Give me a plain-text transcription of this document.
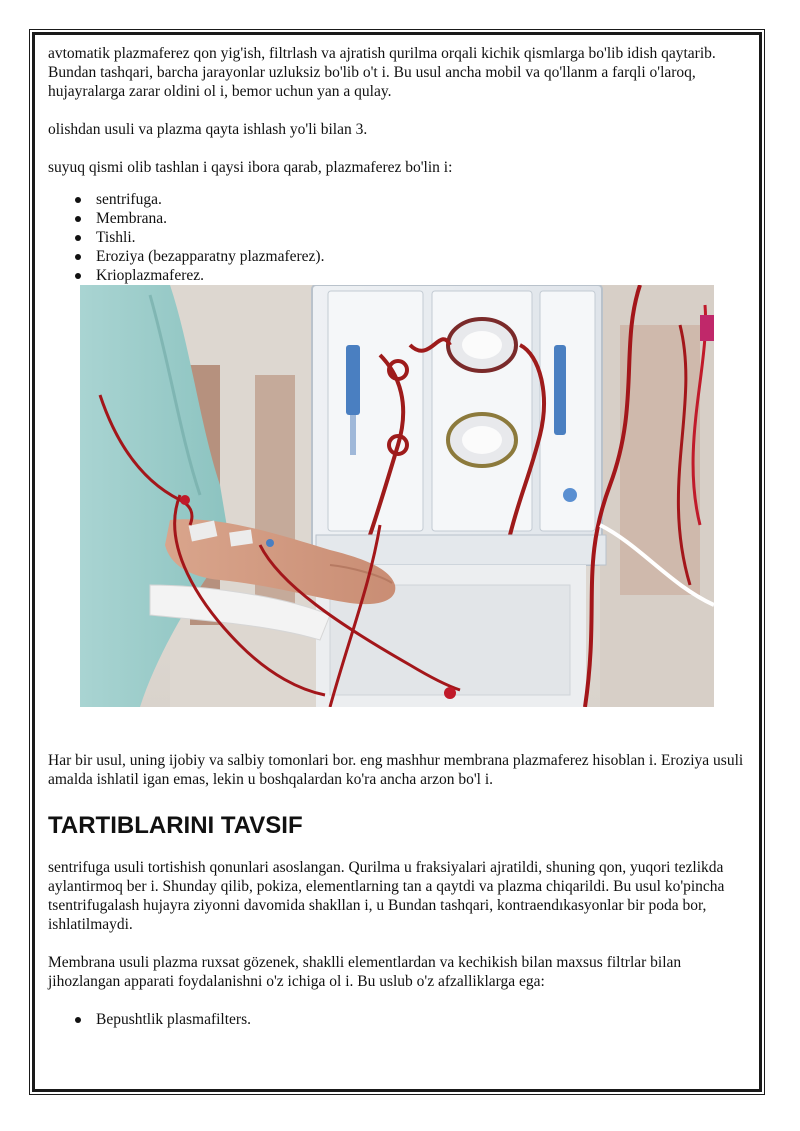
avtomatik plazmaferez qon yig'ish, filtrlash va ajratish qurilma orqali kichik qismlarga bo'lib idish qaytarib. Bundan tashqari, barcha jarayonlar uzluksiz bo'lib o't i. Bu usul ancha mobil va qo'llanm a farqli o'laroq, hujayralarga zarar oldini ol i, bemor uchun yan a qulay.

olishdan usuli va plazma qayta ishlash yo'li bilan 3.

suyuq qismi olib tashlan i qaysi ibora qarab, plazmaferez bo'lin i:

sentrifuga.
Membrana.
Tishli.
Eroziya (bezapparatny plazmaferez).
Krioplazmaferez.

Har bir usul, uning ijobiy va salbiy tomonlari bor. eng mashhur membrana plazmaferez hisoblan i. Eroziya usuli amalda ishlatil igan emas, lekin u boshqalardan ko'ra ancha arzon bo'l i.

TARTIBLARINI TAVSIF

sentrifuga usuli tortishish qonunlari asoslangan. Qurilma u fraksiyalari ajratildi, shuning qon, yuqori tezlikda aylantirmoq ber i. Shunday qilib, pokiza, elementlarning tan a qaytdi va plazma chiqarildi. Bu usul ko'pincha tsentrifugalash hujayra ziyonni davomida shakllan i, u Bundan tashqari, kontraendıkasyonlar bir poda bor, ishlatilmaydi.

Membrana usuli plazma ruxsat gözenek, shaklli elementlardan va kechikish bilan maxsus filtrlar bilan jihozlangan apparati foydalanishni o'z ichiga ol i. Bu uslub o'z afzalliklarga ega:

Bepushtlik plasmafilters.
